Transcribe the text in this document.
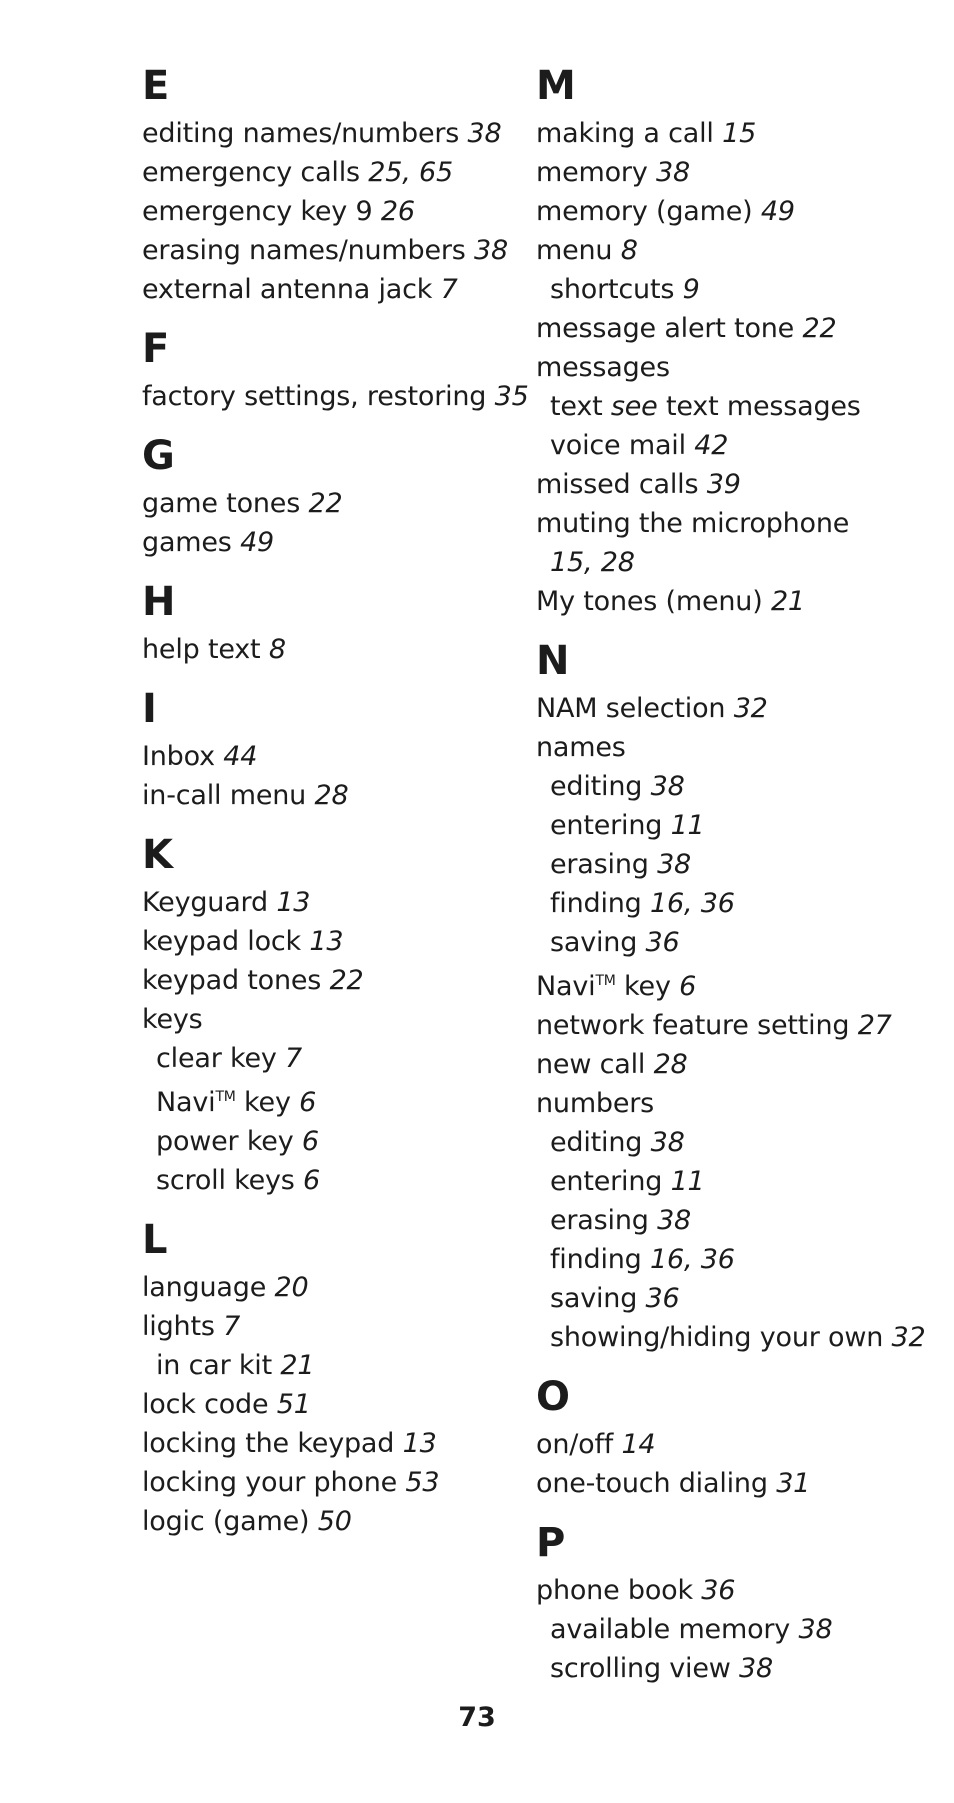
E
editing names/numbers 38
emergency calls 25, 65
emergency key 9 26
erasing names/numbers 38
external antenna jack 7
F
factory settings, restoring 35
G
game tones 22
games 49
H
help text 8
I
Inbox 44
in-call menu 28
K
Keyguard 13
keypad lock 13
keypad tones 22
keys
clear key 7
Navi™ key 6
power key 6
scroll keys 6
L
language 20
lights 7
in car kit 21
lock code 51
locking the keypad 13
locking your phone 53
logic (game) 50
M
making a call 15
memory 38
memory (game) 49
menu 8
shortcuts 9
message alert tone 22
messages
text see text messages
voice mail 42
missed calls 39
muting the microphone
15, 28
My tones (menu) 21
N
NAM selection 32
names
editing 38
entering 11
erasing 38
finding 16, 36
saving 36
Navi™ key 6
network feature setting 27
new call 28
numbers
editing 38
entering 11
erasing 38
finding 16, 36
saving 36
showing/hiding your own 32
O
on/off 14
one-touch dialing 31
P
phone book 36
available memory 38
scrolling view 38
73
